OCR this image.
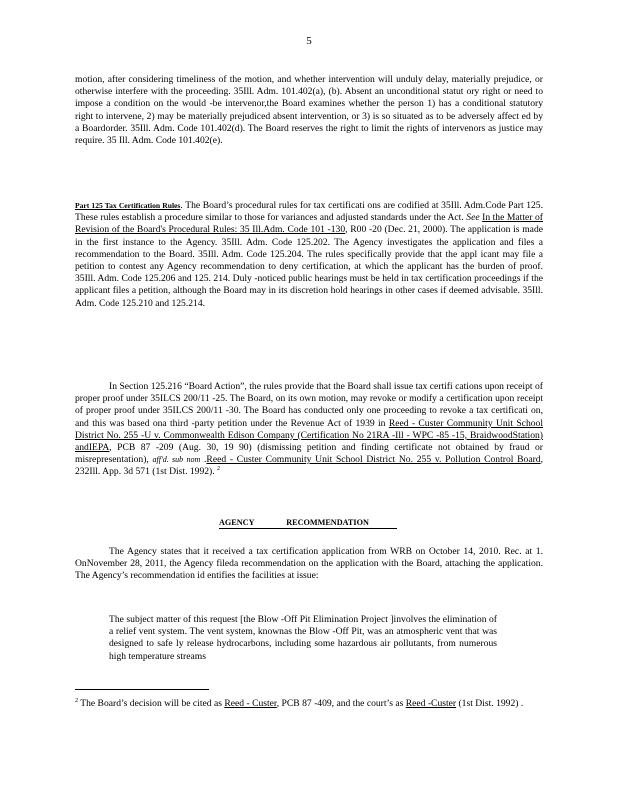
5

motion, after considering timeliness of the motion, and whether intervention will unduly delay, materially prejudice, or otherwise interfere with the proceeding. 35Ill. Adm. 101.402(a), (b). Absent an unconditional statut ory right or need to impose a condition on the would -be intervenor,the Board examines whether the person 1) has a conditional statutory right to intervene, 2) may be materially prejudiced absent intervention, or 3) is so situated as to be adversely affect ed by a Boardorder. 35Ill. Adm. Code 101.402(d). The Board reserves the right to limit the rights of intervenors as justice may require. 35 Ill. Adm. Code 101.402(e).

Part 125 Tax Certification Rules. The Board’s procedural rules for tax certificati ons are codified at 35Ill. Adm.Code Part 125. These rules establish a procedure similar to those for variances and adjusted standards under the Act. See In the Matter of Revision of the Board's Procedural Rules: 35 Ill.Adm. Code 101 -130, R00 -20 (Dec. 21, 2000). The application is made in the first instance to the Agency. 35Ill. Adm. Code 125.202. The Agency investigates the application and files a recommendation to the Board. 35Ill. Adm. Code 125.204. The rules specifically provide that the appl icant may file a petition to contest any Agency recommendation to deny certification, at which the applicant has the burden of proof. 35Ill. Adm. Code 125.206 and 125. 214. Duly -noticed public hearings must be held in tax certification proceedings if the applicant files a petition, although the Board may in its discretion hold hearings in other cases if deemed advisable. 35Ill. Adm. Code 125.210 and 125.214.

In Section 125.216 “Board Action”, the rules provide that the Board shall issue tax certifi cations upon receipt of proper proof under 35ILCS 200/11 -25. The Board, on its own motion, may revoke or modify a certification upon receipt of proper proof under 35ILCS 200/11 -30. The Board has conducted only one proceeding to revoke a tax certificati on, and this was based ona third -party petition under the Revenue Act of 1939 in Reed - Custer Community Unit School District No. 255 -U v. Commonwealth Edison Company (Certification No 21RA -Ill - WPC -85 -15, BraidwoodStation) andIEPA, PCB 87 -209 (Aug. 30, 19 90) (dismissing petition and finding certificate not obtained by fraud or misrepresentation), aff'd. sub nom .Reed - Custer Community Unit School District No. 255 v. Pollution Control Board, 232Ill. App. 3d 571 (1st Dist. 1992). $^2$

AGENCY RECOMMENDATION

The Agency states that it received a tax certification application from WRB on October 14, 2010. Rec. at 1. OnNovember 28, 2011, the Agency fileda recommendation on the application with the Board, attaching the application. The Agency’s recommendation id entifies the facilities at issue:

The subject matter of this request [the Blow -Off Pit Elimination Project ]involves the elimination of a relief vent system. The vent system, knownas the Blow -Off Pit, was an atmospheric vent that was designed to safe ly release hydrocarbons, including some hazardous air pollutants, from numerous high temperature streams

$^2$ The Board’s decision will be cited as Reed - Custer, PCB 87 -409, and the court’s as Reed -Custer (1st Dist. 1992) .
